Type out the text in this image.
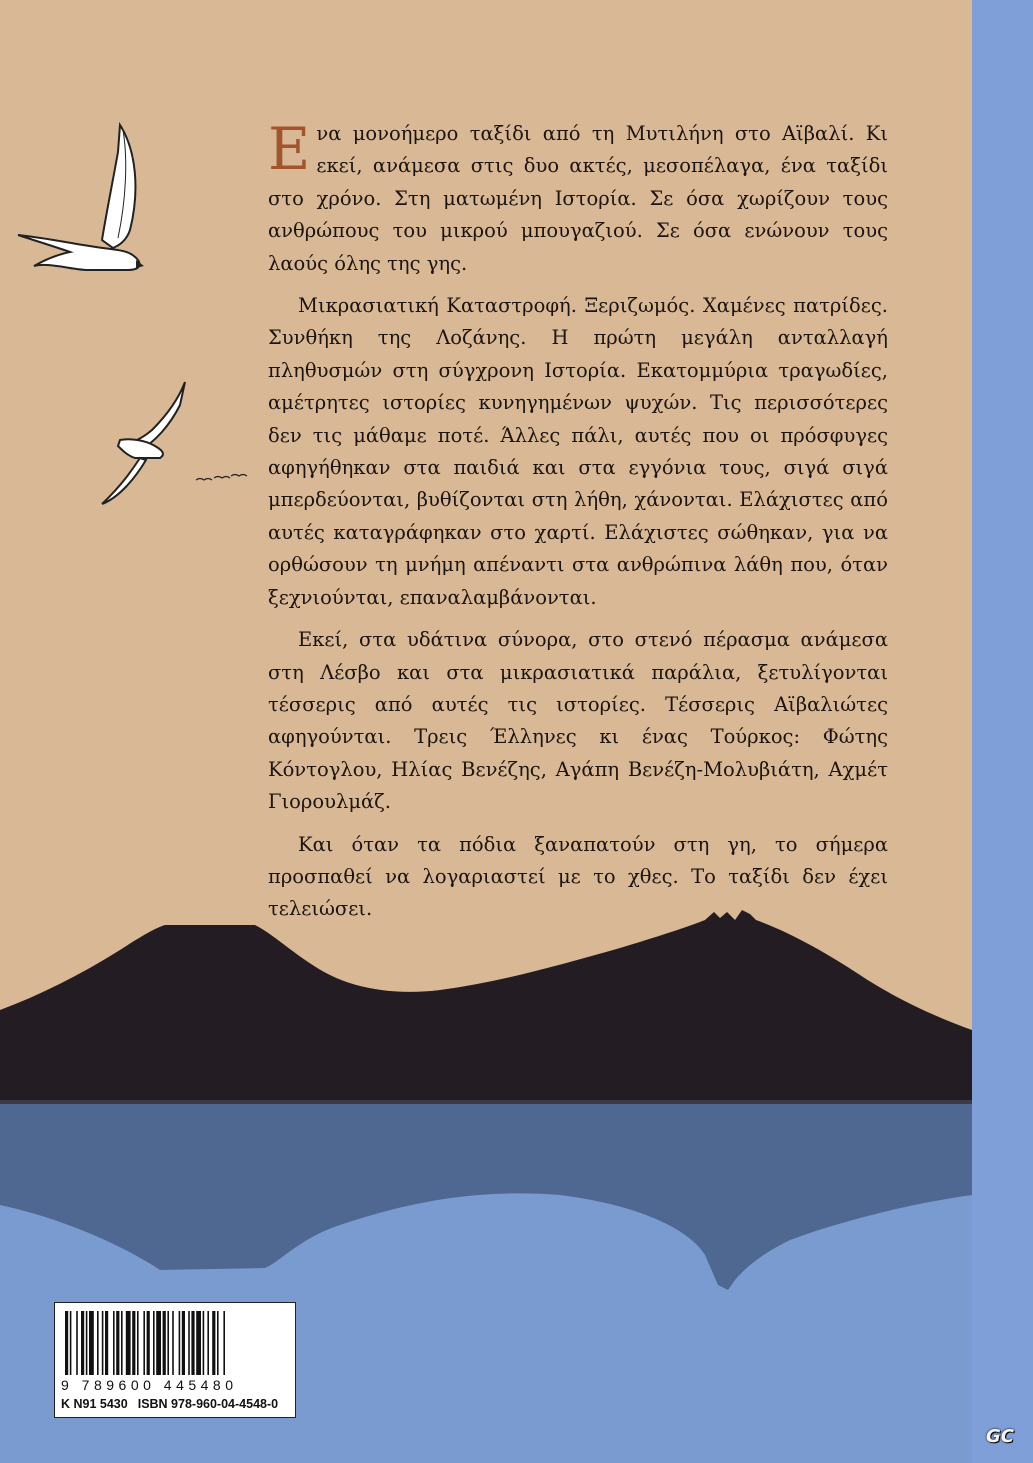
Ενα μονοήμερο ταξίδι από τη Μυτιλήνη στο Αϊβαλί. Κι εκεί, ανάμεσα στις δυο ακτές, μεσοπέλαγα, ένα ταξίδι στο χρόνο. Στη ματωμένη Ιστορία. Σε όσα χωρίζουν τους ανθρώπους του μικρού μπουγαζιού. Σε όσα ενώνουν τους λαούς όλης της γης.

Μικρασιατική Καταστροφή. Ξεριζωμός. Χαμένες πατρίδες. Συνθήκη της Λοζάνης. Η πρώτη μεγάλη ανταλλαγή πληθυσμών στη σύγχρονη Ιστορία. Εκατομμύρια τραγωδίες, αμέτρητες ιστορίες κυνηγημένων ψυχών. Τις περισσότερες δεν τις μάθαμε ποτέ. Άλλες πάλι, αυτές που οι πρόσφυγες αφηγήθηκαν στα παιδιά και στα εγγόνια τους, σιγά σιγά μπερδεύονται, βυθίζονται στη λήθη, χάνονται. Ελάχιστες από αυτές καταγράφηκαν στο χαρτί. Ελάχιστες σώθηκαν, για να ορθώσουν τη μνήμη απέναντι στα ανθρώπινα λάθη που, όταν ξεχνιούνται, επαναλαμβάνονται.

Εκεί, στα υδάτινα σύνορα, στο στενό πέρασμα ανάμεσα στη Λέσβο και στα μικρασιατικά παράλια, ξετυλίγονται τέσσερις από αυτές τις ιστορίες. Τέσσερις Αϊβαλιώτες αφηγούνται. Τρεις Έλληνες κι ένας Τούρκος: Φώτης Κόντογλου, Ηλίας Βενέζης, Αγάπη Βενέζη-Μολυβιάτη, Αχμέτ Γιορουλμάζ.

Και όταν τα πόδια ξαναπατούν στη γη, το σήμερα προσπαθεί να λογαριαστεί με το χθες. Το ταξίδι δεν έχει τελειώσει.

9 789600 445480
K N91 5430 ISBN 978-960-04-4548-0
GC
